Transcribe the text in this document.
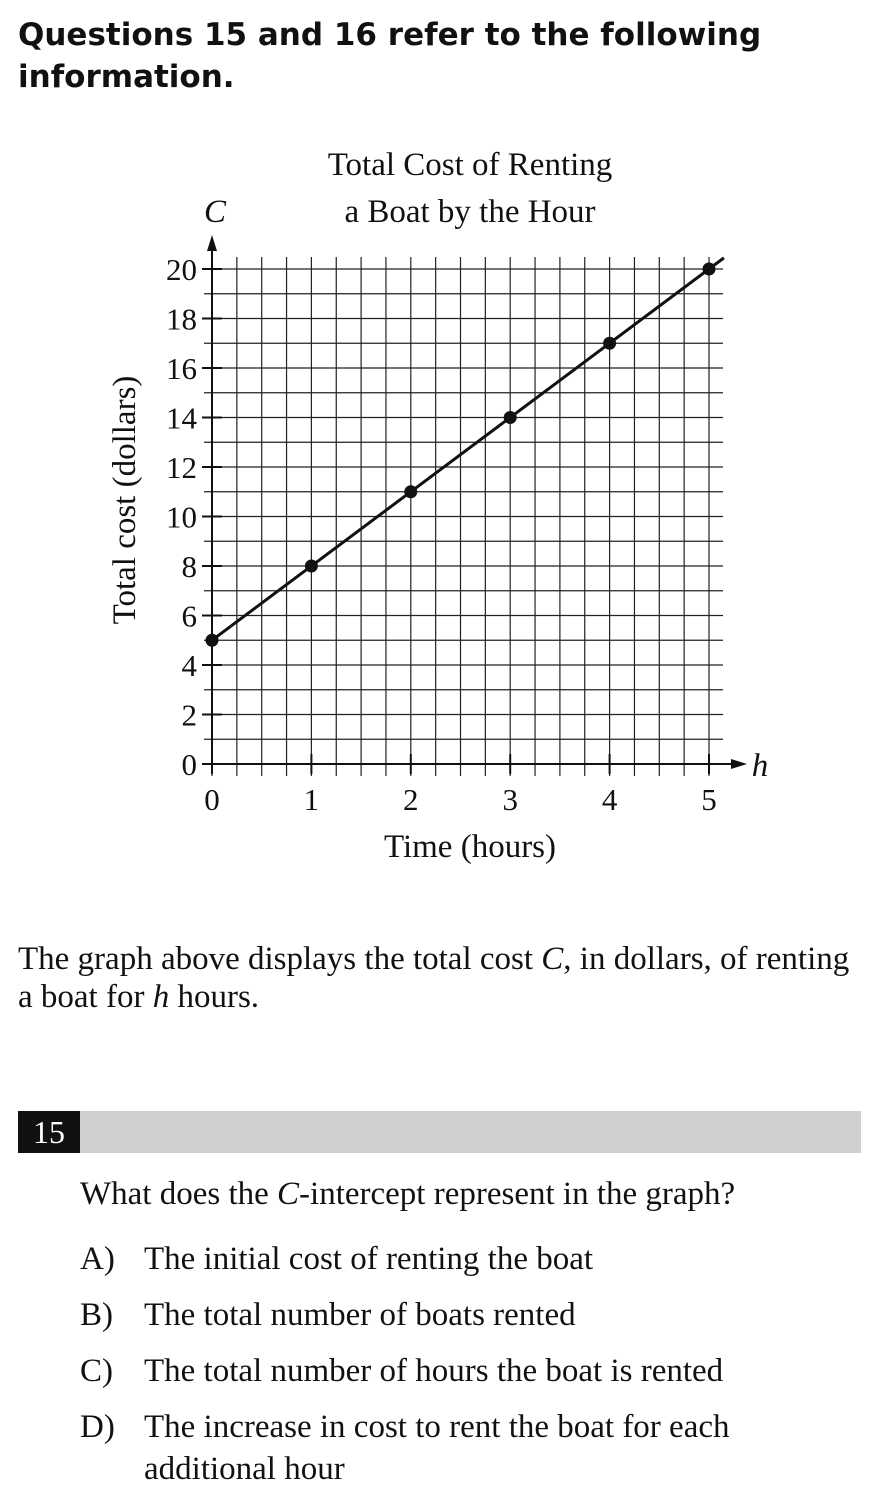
Questions 15 and 16 refer to the following information.
0
2
4
6
8
10
12
14
16
18
20
0	1	2	3	4	5
Total Cost of Renting
a Boat by the Hour
C
h
Time (hours)
Total cost (dollars)
The graph above displays the total cost C, in dollars, of renting a boat for h hours.
15
What does the C-intercept represent in the graph?
A) The initial cost of renting the boat
B) The total number of boats rented
C) The total number of hours the boat is rented
D) The increase in cost to rent the boat for each additional hour
